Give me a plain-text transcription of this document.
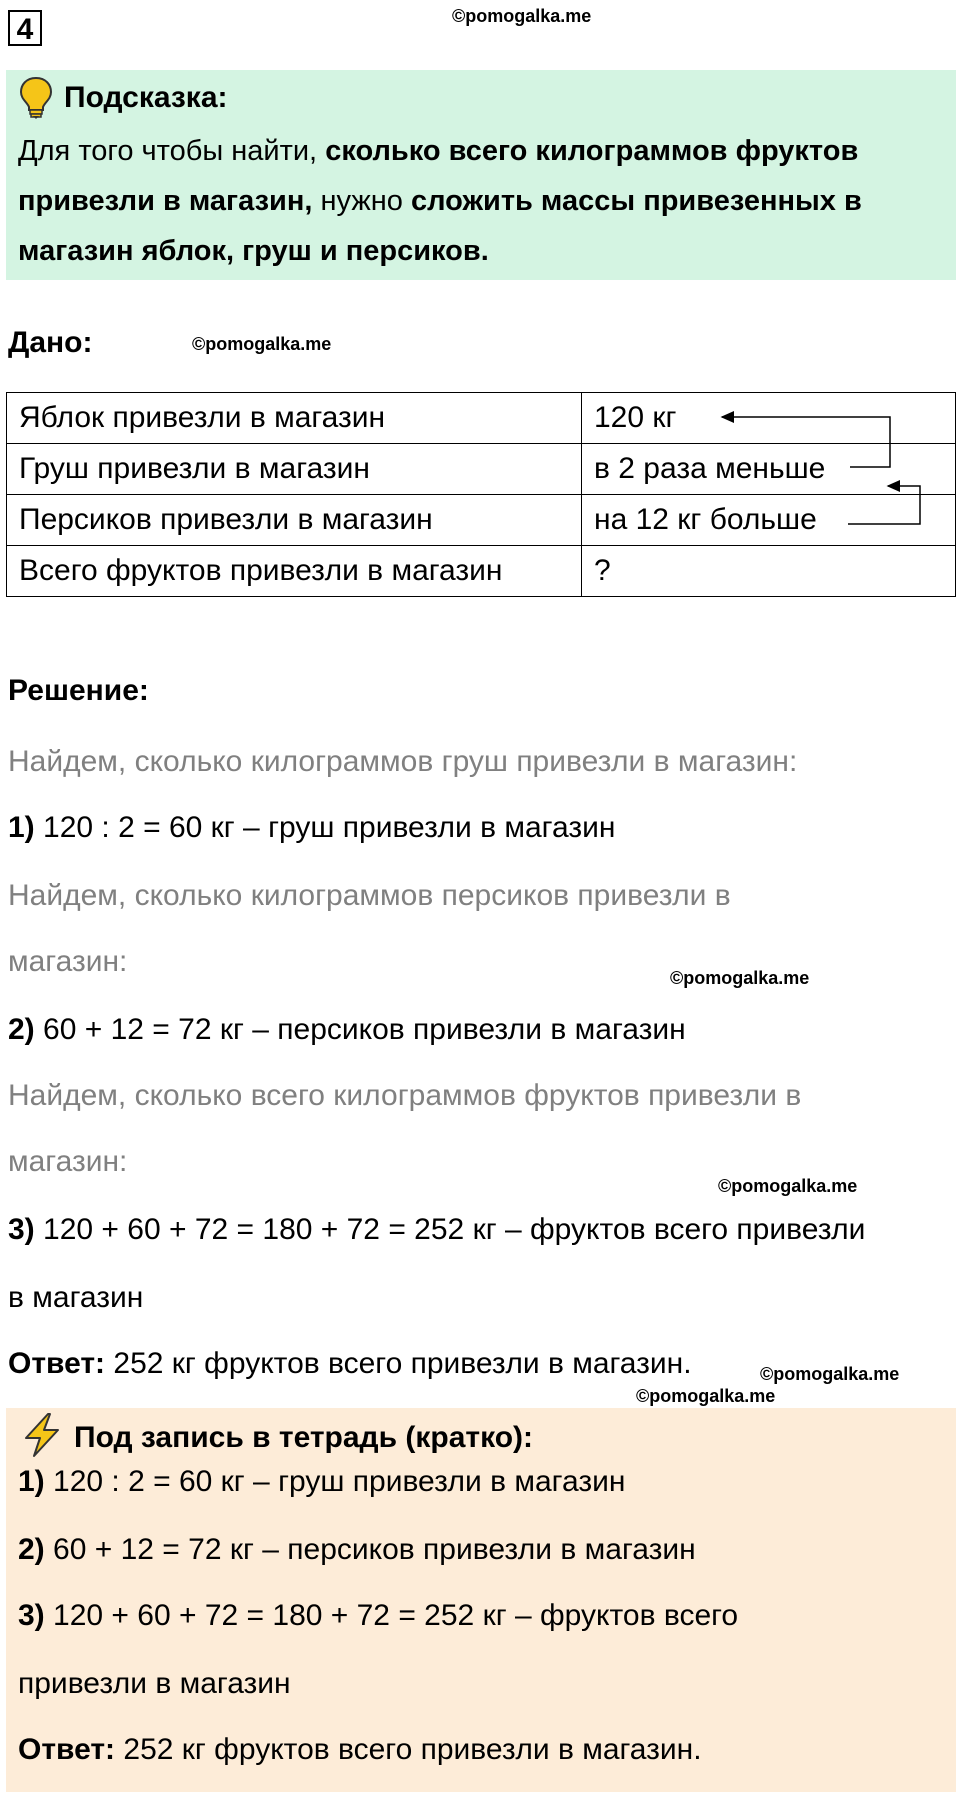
4	©pomogalka.me
©pomogalka.me
©pomogalka.me
©pomogalka.me
©pomogalka.me
©pomogalka.me
Подсказка:
Для того чтобы найти, сколько всего килограммов фруктов привезли в магазин, нужно сложить массы привезенных в магазин яблок, груш и персиков.
Дано:
Яблок привезли в магазин	120 кг
Груш привезли в магазин	в 2 раза меньше
Персиков привезли в магазин	на 12 кг больше
Всего фруктов привезли в магазин	?
Решение:
Найдем, сколько килограммов груш привезли в магазин:
1) 120 : 2 = 60 кг – груш привезли в магазин
Найдем, сколько килограммов персиков привезли в
магазин:
2) 60 + 12 = 72 кг – персиков привезли в магазин
Найдем, сколько всего килограммов фруктов привезли в
магазин:
3) 120 + 60 + 72 = 180 + 72 = 252 кг – фруктов всего привезли
в магазин
Ответ: 252 кг фруктов всего привезли в магазин.
Под запись в тетрадь (кратко):
1) 120 : 2 = 60 кг – груш привезли в магазин
2) 60 + 12 = 72 кг – персиков привезли в магазин
3) 120 + 60 + 72 = 180 + 72 = 252 кг – фруктов всего
привезли в магазин
Ответ: 252 кг фруктов всего привезли в магазин.
